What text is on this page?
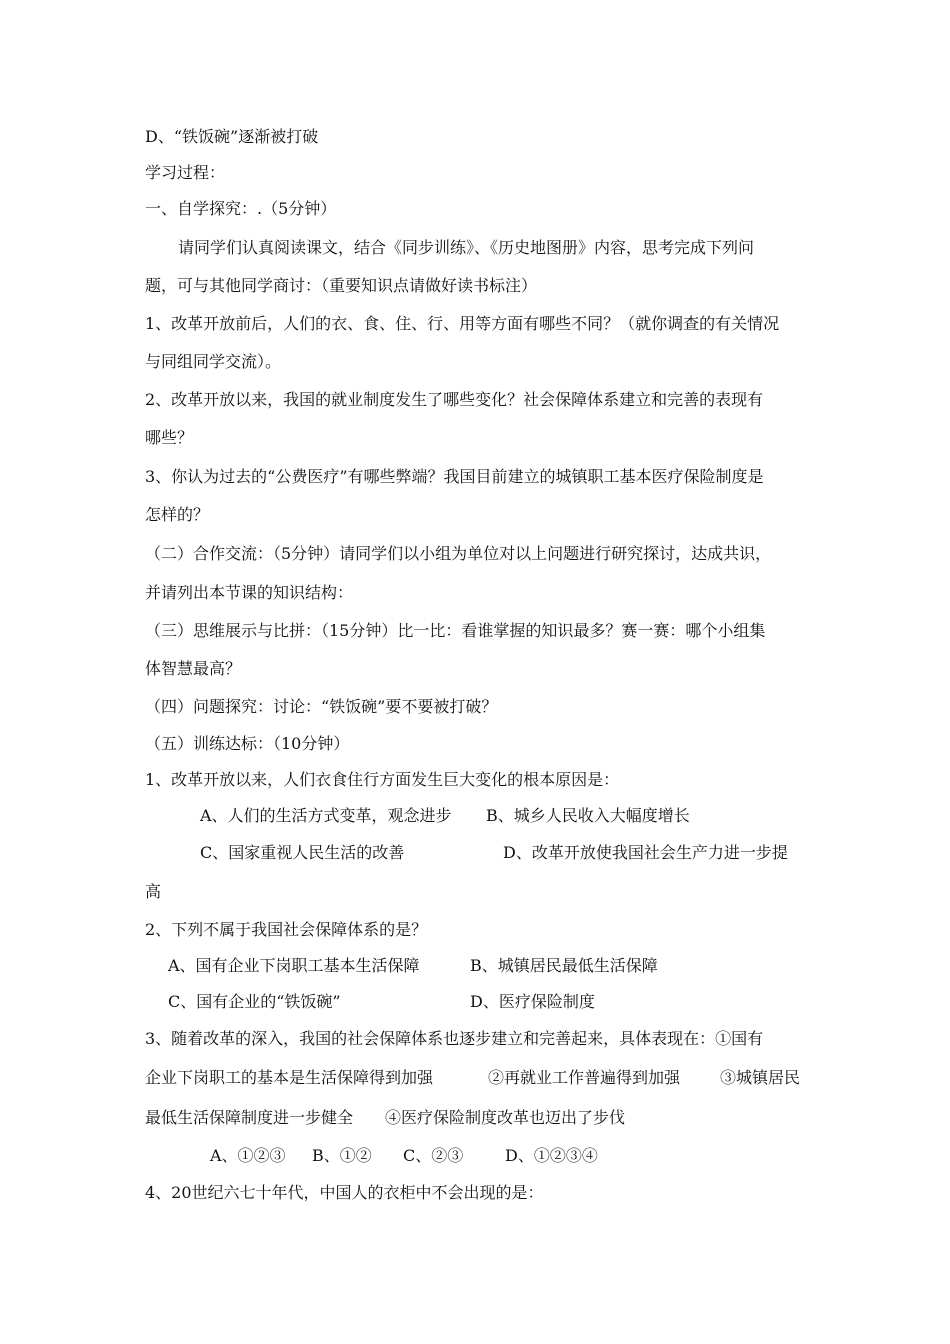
D、“铁饭碗”逐渐被打破
学习过程：
一、自学探究：.（5分钟）
请同学们认真阅读课文，结合《同步训练》、《历史地图册》内容，思考完成下列问
题，可与其他同学商讨：（重要知识点请做好读书标注）
1、改革开放前后，人们的衣、食、住、行、用等方面有哪些不同？（就你调查的有关情况
与同组同学交流）。
2、改革开放以来，我国的就业制度发生了哪些变化？社会保障体系建立和完善的表现有
哪些？
3、你认为过去的“公费医疗”有哪些弊端？我国目前建立的城镇职工基本医疗保险制度是
怎样的？
（二）合作交流：（5分钟）请同学们以小组为单位对以上问题进行研究探讨，达成共识，
并请列出本节课的知识结构：
（三）思维展示与比拼：（15分钟）比一比：看谁掌握的知识最多？赛一赛：哪个小组集
体智慧最高？
（四）问题探究：讨论：“铁饭碗”要不要被打破？
（五）训练达标：（10分钟）
1、改革开放以来，人们衣食住行方面发生巨大变化的根本原因是：
A、人们的生活方式变革，观念进步 B、城乡人民收入大幅度增长
C、国家重视人民生活的改善	D、改革开放使我国社会生产力进一步提
高
2、下列不属于我国社会保障体系的是？
A、国有企业下岗职工基本生活保障	B、城镇居民最低生活保障
C、国有企业的“铁饭碗”	D、医疗保险制度
3、随着改革的深入，我国的社会保障体系也逐步建立和完善起来，具体表现在：①国有
企业下岗职工的基本是生活保障得到加强	②再就业工作普遍得到加强 ③城镇居民
最低生活保障制度进一步健全 ④医疗保险制度改革也迈出了步伐
A、①②③ B、①② C、②③	D、①②③④
4、20世纪六七十年代，中国人的衣柜中不会出现的是：
